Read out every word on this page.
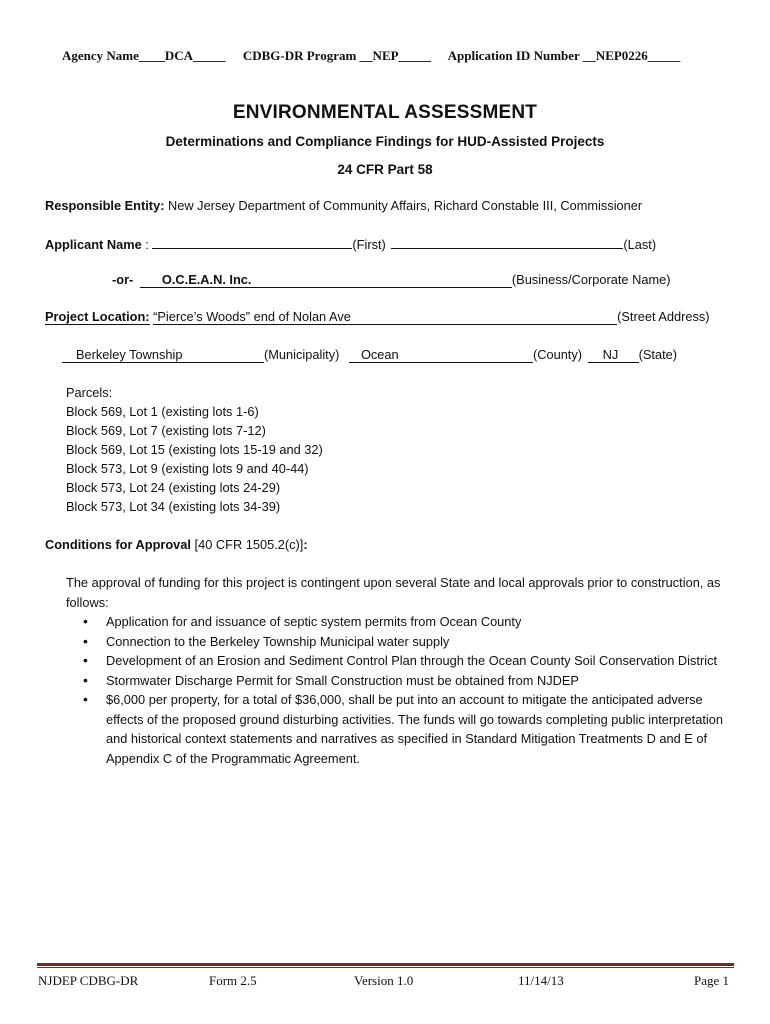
Agency Name____DCA_____ CDBG-DR Program __NEP_____ Application ID Number __NEP0226_____
ENVIRONMENTAL ASSESSMENT
Determinations and Compliance Findings for HUD-Assisted Projects
24 CFR Part 58
Responsible Entity: New Jersey Department of Community Affairs, Richard Constable III, Commissioner
Applicant Name :	(First)	(Last)
-or- O.C.E.A.N. Inc.	(Business/Corporate Name)
Project Location: “Pierce’s Woods” end of Nolan Ave	(Street Address)
Berkeley Township	(Municipality) Ocean	(County) NJ (State)
Parcels:
Block 569, Lot 1 (existing lots 1-6)
Block 569, Lot 7 (existing lots 7-12)
Block 569, Lot 15 (existing lots 15-19 and 32)
Block 573, Lot 9 (existing lots 9 and 40-44)
Block 573, Lot 24 (existing lots 24-29)
Block 573, Lot 34 (existing lots 34-39)
Conditions for Approval [40 CFR 1505.2(c)]:
The approval of funding for this project is contingent upon several State and local approvals prior to construction, as follows:
• Application for and issuance of septic system permits from Ocean County
• Connection to the Berkeley Township Municipal water supply
• Development of an Erosion and Sediment Control Plan through the Ocean County Soil Conservation District
• Stormwater Discharge Permit for Small Construction must be obtained from NJDEP
• $6,000 per property, for a total of $36,000, shall be put into an account to mitigate the anticipated adverse effects of the proposed ground disturbing activities. The funds will go towards completing public interpretation and historical context statements and narratives as specified in Standard Mitigation Treatments D and E of Appendix C of the Programmatic Agreement.
NJDEP CDBG-DR	Form 2.5	Version 1.0	11/14/13	Page 1
